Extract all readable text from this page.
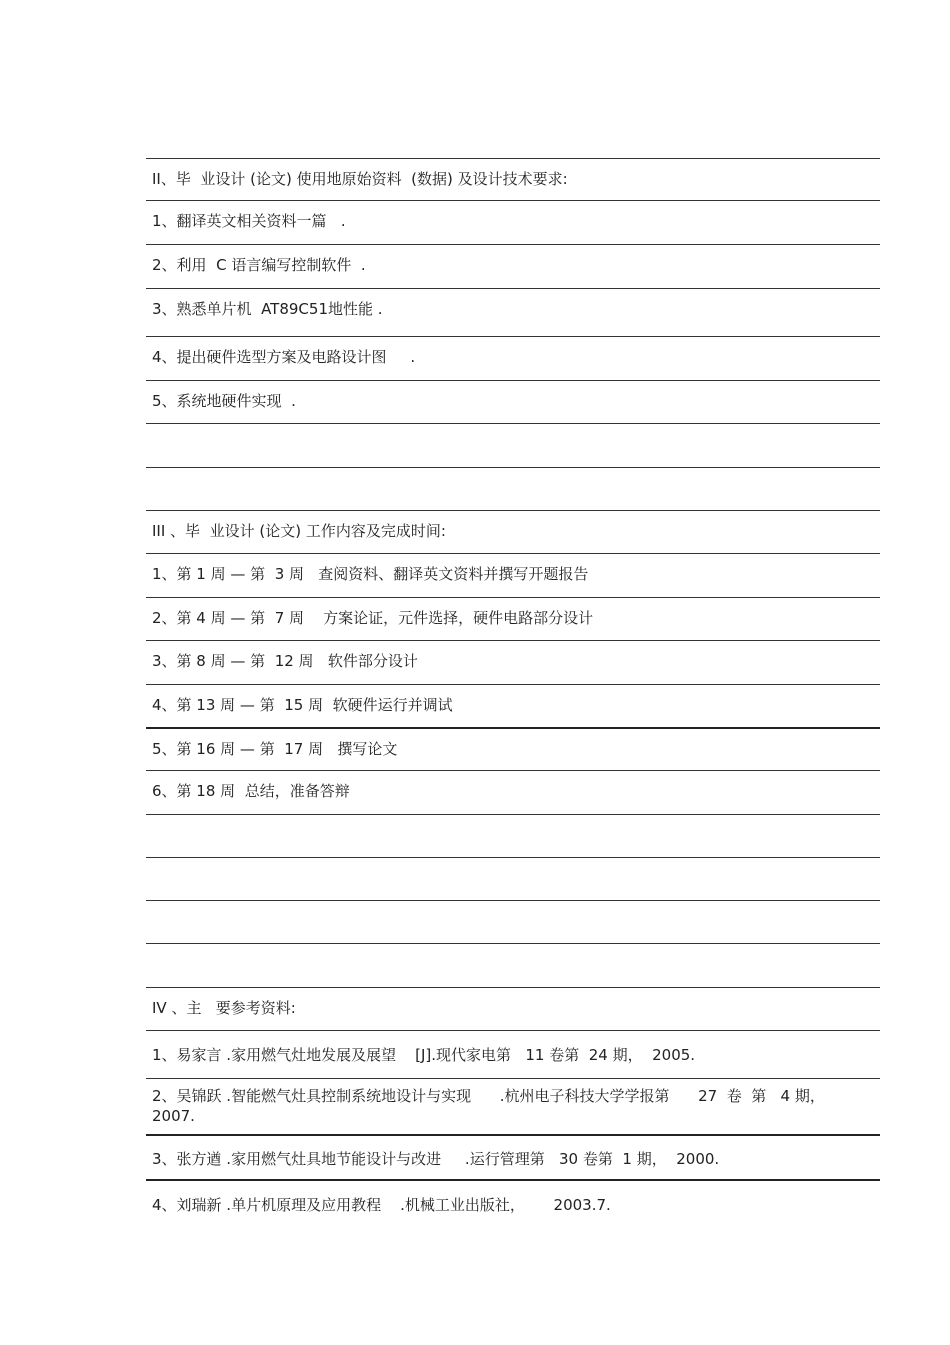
II、毕  业设计 (论文) 使用地原始资料  (数据) 及设计技术要求:
1、翻译英文相关资料一篇   .
2、利用  C 语言编写控制软件  .
3、熟悉单片机  AT89C51地性能 .
4、提出硬件选型方案及电路设计图     .
5、系统地硬件实现  .
III 、毕  业设计 (论文) 工作内容及完成时间:
1、第 1 周 — 第  3 周   查阅资料、翻译英文资料并撰写开题报告
2、第 4 周 — 第  7 周    方案论证，元件选择，硬件电路部分设计
3、第 8 周 — 第  12 周   软件部分设计
4、第 13 周 — 第  15 周  软硬件运行并调试
5、第 16 周 — 第  17 周   撰写论文
6、第 18 周  总结，准备答辩
IV 、主   要参考资料:
1、易家言 .家用燃气灶地发展及展望    [J].现代家电第   11 卷第  24 期，  2005.
2、吴锦跃 .智能燃气灶具控制系统地设计与实现      .杭州电子科技大学学报第      27  卷  第   4 期，  2007.
3、张方遒 .家用燃气灶具地节能设计与改进     .运行管理第   30 卷第  1 期，  2000.
4、刘瑞新 .单片机原理及应用教程    .机械工业出版社，      2003.7.
